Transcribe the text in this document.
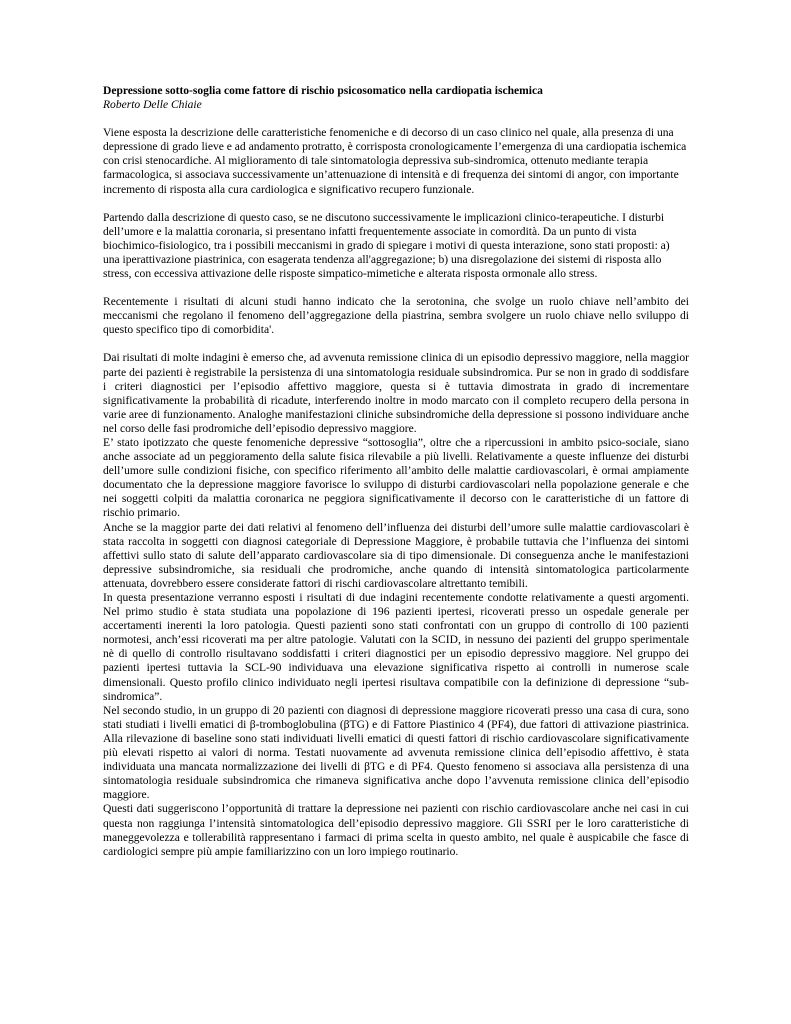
Depressione sotto-soglia come fattore di rischio psicosomatico nella cardiopatia ischemica

Roberto Delle Chiaie

Viene esposta la descrizione delle caratteristiche fenomeniche e di decorso di un caso clinico nel quale, alla presenza di una depressione di grado lieve e ad andamento protratto, è corrisposta cronologicamente l’emergenza di una cardiopatia ischemica con crisi stenocardiche. Al miglioramento di tale sintomatologia depressiva sub-sindromica, ottenuto mediante terapia farmacologica, si associava successivamente un’attenuazione di intensità e di frequenza dei sintomi di angor, con importante incremento di risposta alla cura cardiologica e significativo recupero funzionale.

Partendo dalla descrizione di questo caso, se ne discutono successivamente le implicazioni clinico-terapeutiche. I disturbi dell’umore e la malattia coronaria, si presentano infatti frequentemente associate in comordità. Da un punto di vista biochimico-fisiologico, tra i possibili meccanismi in grado di spiegare i motivi di questa interazione, sono stati proposti: a) una iperattivazione piastrinica, con esagerata tendenza all'aggregazione; b) una disregolazione dei sistemi di risposta allo stress, con eccessiva attivazione delle risposte simpatico-mimetiche e alterata risposta ormonale allo stress.

Recentemente i risultati di alcuni studi hanno indicato che la serotonina, che svolge un ruolo chiave nell’ambito dei meccanismi che regolano il fenomeno dell’aggregazione della piastrina, sembra svolgere un ruolo chiave nello sviluppo di questo specifico tipo di comorbidita'.

Dai risultati di molte indagini è emerso che, ad avvenuta remissione clinica di un episodio depressivo maggiore, nella maggior parte dei pazienti è registrabile la persistenza di una sintomatologia residuale subsindromica. Pur se non in grado di soddisfare i criteri diagnostici per l’episodio affettivo maggiore, questa si è tuttavia dimostrata in grado di incrementare significativamente la probabilità di ricadute, interferendo inoltre in modo marcato con il completo recupero della persona in varie aree di funzionamento. Analoghe manifestazioni cliniche subsindromiche della depressione si possono individuare anche nel corso delle fasi prodromiche dell’episodio depressivo maggiore.

E’ stato ipotizzato che queste fenomeniche depressive “sottosoglia”, oltre che a ripercussioni in ambito psico-sociale, siano anche associate ad un peggioramento della salute fisica rilevabile a più livelli. Relativamente a queste influenze dei disturbi dell’umore sulle condizioni fisiche, con specifico riferimento all’ambito delle malattie cardiovascolari, è ormai ampiamente documentato che la depressione maggiore favorisce lo sviluppo di disturbi cardiovascolari nella popolazione generale e che nei soggetti colpiti da malattia coronarica ne peggiora significativamente il decorso con le caratteristiche di un fattore di rischio primario.

Anche se la maggior parte dei dati relativi al fenomeno dell’influenza dei disturbi dell’umore sulle malattie cardiovascolari è stata raccolta in soggetti con diagnosi categoriale di Depressione Maggiore, è probabile tuttavia che l’influenza dei sintomi affettivi sullo stato di salute dell’apparato cardiovascolare sia di tipo dimensionale. Di conseguenza anche le manifestazioni depressive subsindromiche, sia residuali che prodromiche, anche quando di intensità sintomatologica particolarmente attenuata, dovrebbero essere considerate fattori di rischi cardiovascolare altrettanto temibili.

In questa presentazione verranno esposti i risultati di due indagini recentemente condotte relativamente a questi argomenti. Nel primo studio è stata studiata una popolazione di 196 pazienti ipertesi, ricoverati presso un ospedale generale per accertamenti inerenti la loro patologia. Questi pazienti sono stati confrontati con un gruppo di controllo di 100 pazienti normotesi, anch’essi ricoverati ma per altre patologie. Valutati con la SCID, in nessuno dei pazienti del gruppo sperimentale nè di quello di controllo risultavano soddisfatti i criteri diagnostici per un episodio depressivo maggiore. Nel gruppo dei pazienti ipertesi tuttavia la SCL-90 individuava una elevazione significativa rispetto ai controlli in numerose scale dimensionali. Questo profilo clinico individuato negli ipertesi risultava compatibile con la definizione di depressione “sub-sindromica”.

Nel secondo studio, in un gruppo di 20 pazienti con diagnosi di depressione maggiore ricoverati presso una casa di cura, sono stati studiati i livelli ematici di β-tromboglobulina (βTG) e di Fattore Piastinico 4 (PF4), due fattori di attivazione piastrinica. Alla rilevazione di baseline sono stati individuati livelli ematici di questi fattori di rischio cardiovascolare significativamente più elevati rispetto ai valori di norma. Testati nuovamente ad avvenuta remissione clinica dell’episodio affettivo, è stata individuata una mancata normalizzazione dei livelli di βTG e di PF4. Questo fenomeno si associava alla persistenza di una sintomatologia residuale subsindromica che rimaneva significativa anche dopo l’avvenuta remissione clinica dell’episodio maggiore.

Questi dati suggeriscono l’opportunità di trattare la depressione nei pazienti con rischio cardiovascolare anche nei casi in cui questa non raggiunga l’intensità sintomatologica dell’episodio depressivo maggiore. Gli SSRI per le loro caratteristiche di maneggevolezza e tollerabilità rappresentano i farmaci di prima scelta in questo ambito, nel quale è auspicabile che fasce di cardiologici sempre più ampie familiarizzino con un loro impiego routinario.
